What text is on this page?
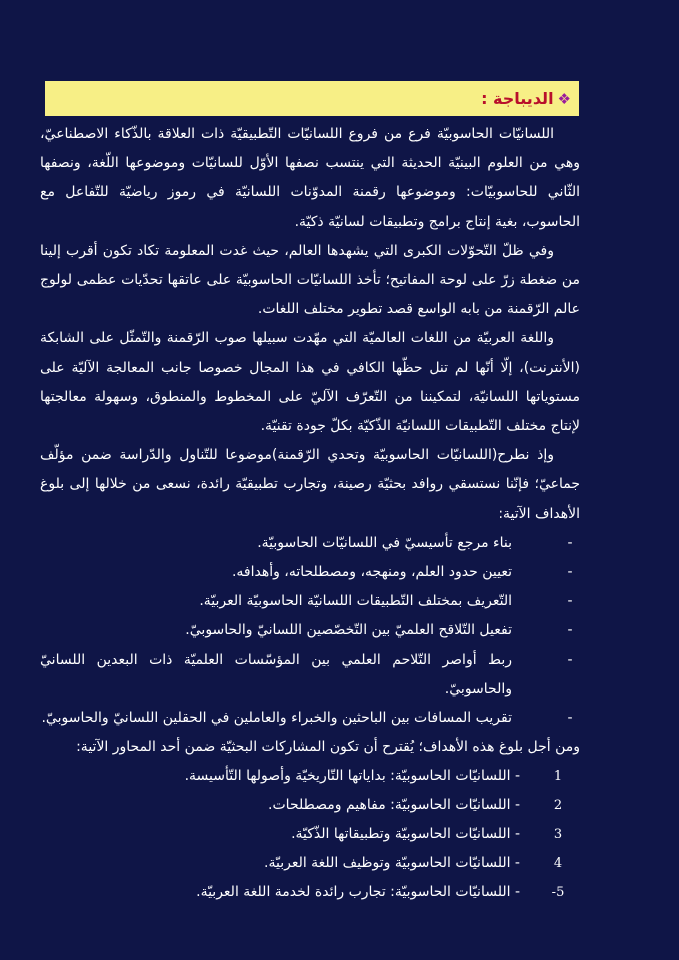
❖
الديباجة :

اللسانيّات الحاسوبيّة فرع من فروع اللسانيّات التّطبيقيّة ذات العلاقة بالذّكاء الاصطناعيّ، وهي من العلوم البينيّة الحديثة التي ينتسب نصفها الأوّل للسانيّات وموضوعها اللّغة، ونصفها الثّاني للحاسوبيّات: وموضوعها رقمنة المدوّنات اللسانيّة في رموز رياضيّة للتّفاعل مع الحاسوب، بغية إنتاج برامج وتطبيقات لسانيّة ذكيّة.

وفي ظلّ التّحوّلات الكبرى التي يشهدها العالم، حيث غدت المعلومة تكاد تكون أقرب إلينا من ضغطة زرّ على لوحة المفاتيح؛ تأخذ اللسانيّات الحاسوبيّة على عاتقها تحدّيات عظمى لولوج عالم الرّقمنة من بابه الواسع قصد تطوير مختلف اللغات.

واللغة العربيّة من اللغات العالميّة التي مهّدت سبيلها صوب الرّقمنة والتّمثّل على الشابكة (الأنترنت)، إلّا أنّها لم تنل حظّها الكافي في هذا المجال خصوصا جانب المعالجة الآليّة على مستوياتها اللسانيّة، لتمكيننا من التّعرّف الآليّ على المخطوط والمنطوق، وسهولة معالجتها لإنتاج مختلف التّطبيقات اللسانيّة الذّكيّة بكلّ جودة تقنيّة.

وإذ نطرح(اللسانيّات الحاسوبيّة وتحدي الرّقمنة)موضوعا للتّناول والدّراسة ضمن مؤلّف جماعيّ؛ فإنّنا نستسقي روافد بحثيّة رصينة، وتجارب تطبيقيّة رائدة، نسعى من خلالها إلى بلوغ الأهداف الآتية:

-
بناء مرجع تأسيسيّ في اللسانيّات الحاسوبيّة.
-
تعيين حدود العلم، ومنهجه، ومصطلحاته، وأهدافه.
-
التّعريف بمختلف التّطبيقات اللسانيّة الحاسوبيّة العربيّة.
-
تفعيل التّلاقح العلميّ بين التّخصّصين اللسانيّ والحاسوبيّ.
-
ربط أواصر التّلاحم العلمي بين المؤسّسات العلميّة ذات البعدين اللسانيّ والحاسوبيّ.
-
تقريب المسافات بين الباحثين والخبراء والعاملين في الحقلين اللسانيّ والحاسوبيّ.

ومن أجل بلوغ هذه الأهداف؛ يُقترح أن تكون المشاركات البحثيّة ضمن أحد المحاور الآتية:

1
- اللسانيّات الحاسوبيّة: بداياتها التّاريخيّة وأصولها التّأسيسة.
2
- اللسانيّات الحاسوبيّة: مفاهيم ومصطلحات.
3
- اللسانيّات الحاسوبيّة وتطبيقاتها الذّكيّة.
4
- اللسانيّات الحاسوبيّة وتوظيف اللغة العربيّة.
5-
- اللسانيّات الحاسوبيّة: تجارب رائدة لخدمة اللغة العربيّة.
